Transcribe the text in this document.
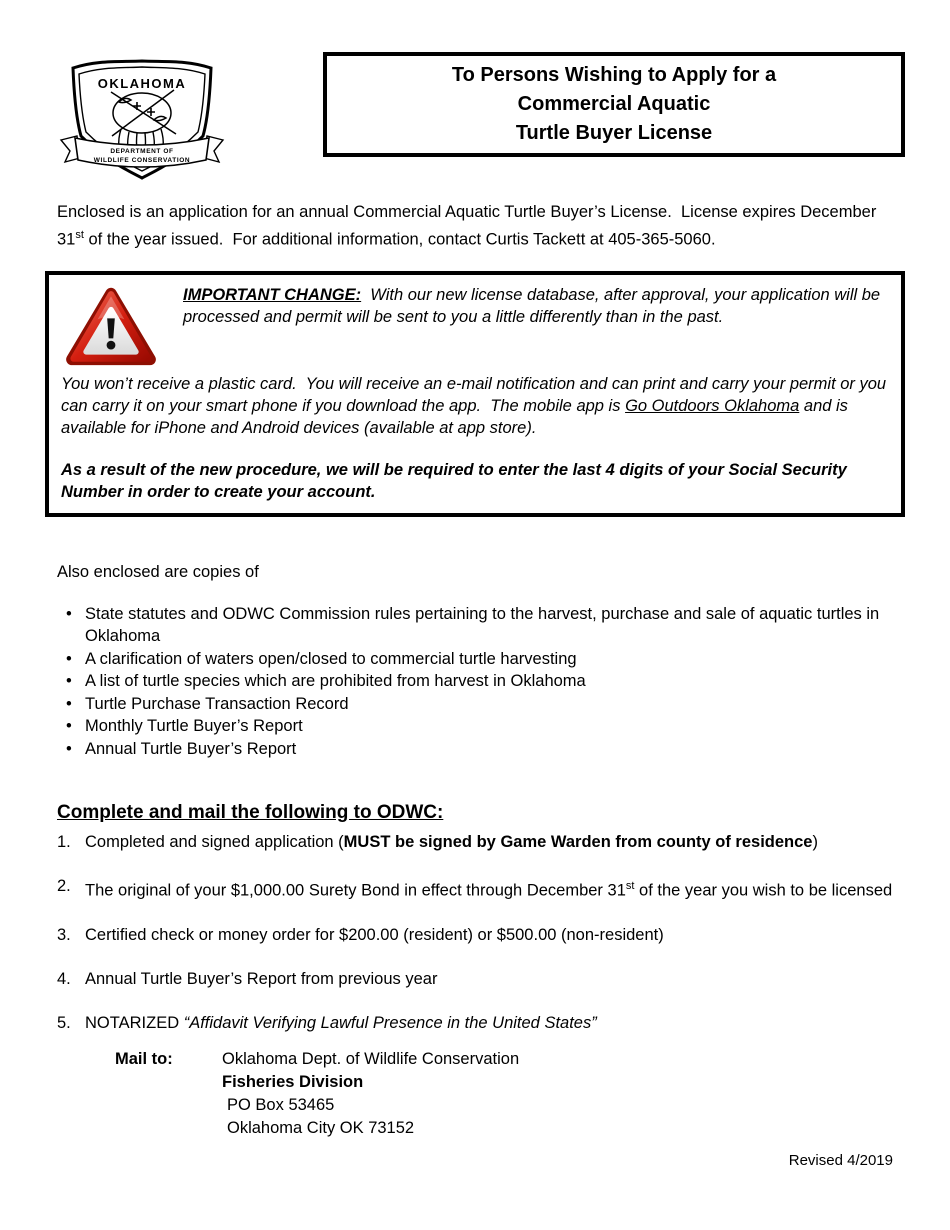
OKLAHOMA
DEPARTMENT OF
WILDLIFE CONSERVATION
To Persons Wishing to Apply for a
Commercial Aquatic
Turtle Buyer License

Enclosed is an application for an annual Commercial Aquatic Turtle Buyer’s License.  License expires December 31st of the year issued.  For additional information, contact Curtis Tackett at 405-365-5060.

IMPORTANT CHANGE:  With our new license database, after approval, your application will be processed and permit will be sent to you a little differently than in the past.

You won’t receive a plastic card.  You will receive an e-mail notification and can print and carry your permit or you can carry it on your smart phone if you download the app.  The mobile app is Go Outdoors Oklahoma and is available for iPhone and Android devices (available at app store).

As a result of the new procedure, we will be required to enter the last 4 digits of your Social Security Number in order to create your account.

Also enclosed are copies of

• State statutes and ODWC Commission rules pertaining to the harvest, purchase and sale of aquatic turtles in Oklahoma
• A clarification of waters open/closed to commercial turtle harvesting
• A list of turtle species which are prohibited from harvest in Oklahoma
• Turtle Purchase Transaction Record
• Monthly Turtle Buyer’s Report
• Annual Turtle Buyer’s Report
Complete and mail the following to ODWC:
1. Completed and signed application (MUST be signed by Game Warden from county of residence)
2. The original of your $1,000.00 Surety Bond in effect through December 31st of the year you wish to be licensed
3. Certified check or money order for $200.00 (resident) or $500.00 (non-resident)
4. Annual Turtle Buyer’s Report from previous year
5. NOTARIZED “Affidavit Verifying Lawful Presence in the United States”
Mail to:	Oklahoma Dept. of Wildlife Conservation
Fisheries Division
PO Box 53465
Oklahoma City OK 73152
Revised 4/2019
